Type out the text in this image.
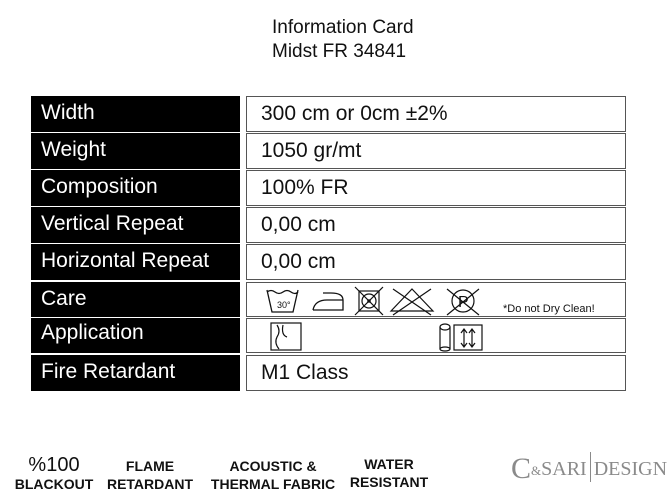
Information Card
Midst FR 34841
Width	300 cm or 0cm ±2%
Weight	1050 gr/mt
Composition	100% FR
Vertical Repeat	0,00 cm
Horizontal Repeat	0,00 cm
Care	30°	P	*Do not Dry Clean!
Application
Fire Retardant	M1 Class
%100
BLACKOUT
FLAME
RETARDANT
ACOUSTIC &
THERMAL FABRIC
WATER
RESISTANT	C&SARI DESIGN
